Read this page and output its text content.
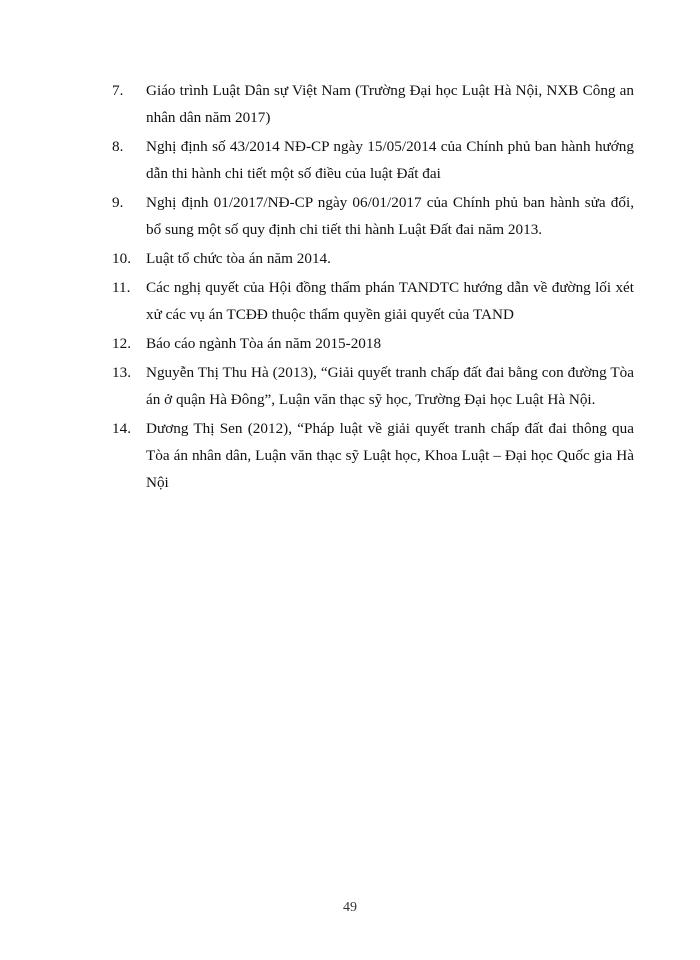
7.	Giáo trình Luật Dân sự Việt Nam (Trường Đại học Luật Hà Nội, NXB Công an nhân dân năm 2017)
8.	Nghị định số 43/2014 NĐ-CP ngày 15/05/2014 của Chính phủ ban hành hướng dẫn thi hành chi tiết một số điều của luật Đất đai
9.	Nghị định 01/2017/NĐ-CP ngày 06/01/2017 của Chính phủ ban hành sửa đổi, bổ sung một số quy định chi tiết thi hành Luật Đất đai năm 2013.
10. Luật tổ chức tòa án năm 2014.
11.	Các nghị quyết của Hội đồng thẩm phán TANDTC hướng dẫn về đường lối xét xử các vụ án TCĐĐ thuộc thẩm quyền giải quyết của TAND
12. Báo cáo ngành Tòa án năm 2015-2018
13. Nguyễn Thị Thu Hà (2013), “Giải quyết tranh chấp đất đai bằng con đường Tòa án ở quận Hà Đông”, Luận văn thạc sỹ học, Trường Đại học Luật Hà Nội.
14. Dương Thị Sen (2012), “Pháp luật về giải quyết tranh chấp đất đai thông qua Tòa án nhân dân, Luận văn thạc sỹ Luật học, Khoa Luật – Đại học Quốc gia Hà Nội
49
